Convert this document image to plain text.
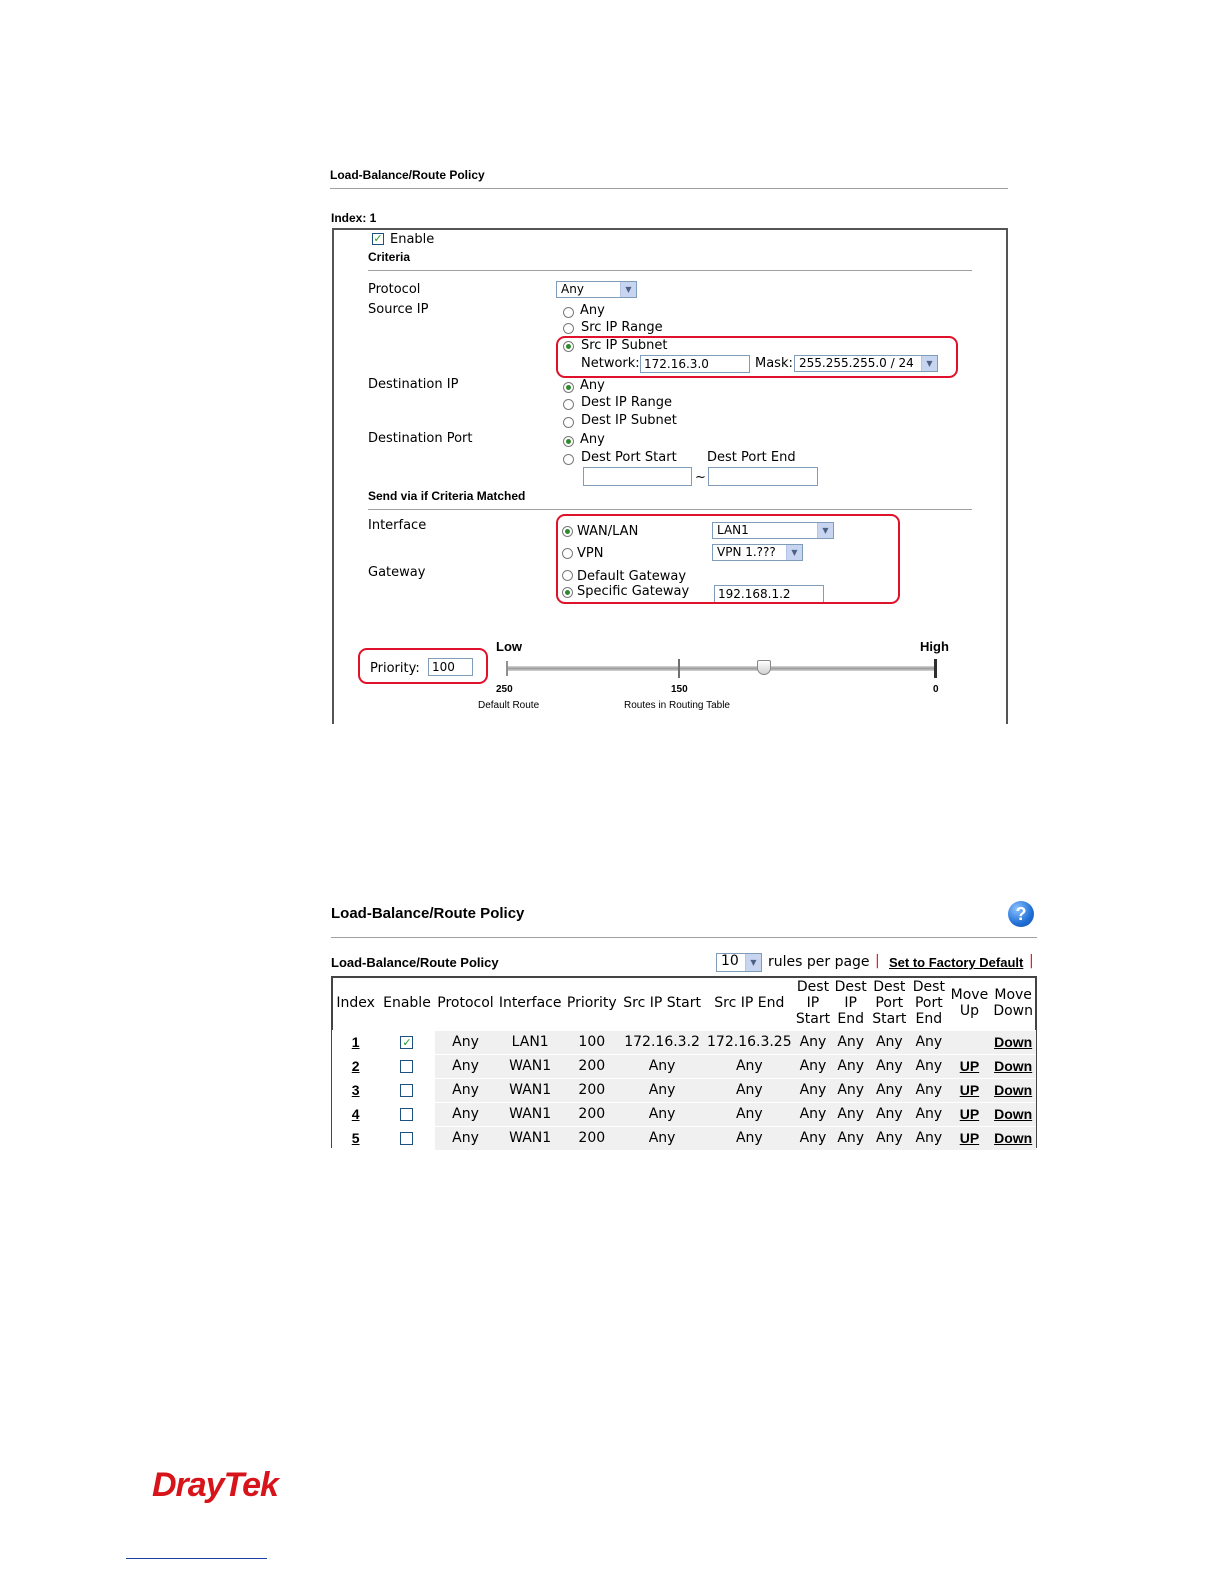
Load-Balance/Route Policy
Index: 1
✓ Enable
Criteria
Protocol	Any	▼
Source IP	Any
Src IP Range
Src IP Subnet
Network: 172.16.3.0	Mask: 255.255.255.0 / 24	▼
Destination IP	Any
Dest IP Range
Dest IP Subnet
Destination Port	Any
Dest Port Start Dest Port End
~
Send via if Criteria Matched
Interface	WAN/LAN	LAN1	▼
VPN	VPN 1.???	▼
Gateway	Default Gateway
Specific Gateway	192.168.1.2
Priority:	100
Low	High
250	150	0
Default Route	Routes in Routing Table
Load-Balance/Route Policy	?
Load-Balance/Route Policy	10	▼ rules per page | Set to Factory Default |
Index	Enable	Protocol	Interface	Priority	Src IP Start	Src IP End	Dest IP Start	Dest IP End	Dest Port Start	Dest Port End	Move Up	Move Down
1	✓	Any	LAN1	100	172.16.3.2	172.16.3.25	Any	Any	Any	Any		Down
2		Any	WAN1	200	Any	Any	Any	Any	Any	Any	UP	Down
3		Any	WAN1	200	Any	Any	Any	Any	Any	Any	UP	Down
4		Any	WAN1	200	Any	Any	Any	Any	Any	Any	UP	Down
5		Any	WAN1	200	Any	Any	Any	Any	Any	Any	UP	Down
DrayTek
